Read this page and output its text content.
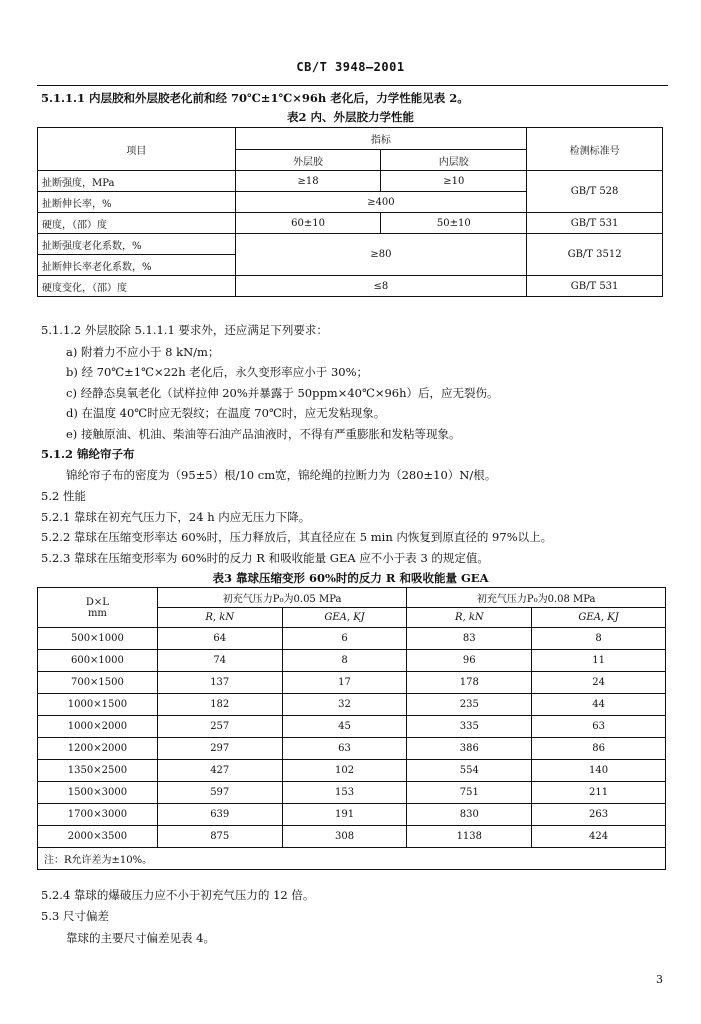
CB/T 3948—2001
5.1.1.1 内层胶和外层胶老化前和经 70℃±1℃×96h 老化后，力学性能见表 2。
表2 内、外层胶力学性能
项目	指标		检测标准号
	外层胶	内层胶	
扯断强度，MPa	≥18	≥10	GB/T 528
扯断伸长率，%	≥400		
硬度，（邵）度	60±10	50±10	GB/T 531
扯断强度老化系数，%	≥80		GB/T 3512
扯断伸长率老化系数，%			
硬度变化，（邵）度	≤8		GB/T 531
5.1.1.2 外层胶除 5.1.1.1 要求外，还应满足下列要求：
a) 附着力不应小于 8 kN/m；
b) 经 70℃±1℃×22h 老化后，永久变形率应小于 30%；
c) 经静态臭氧老化（试样拉伸 20%并暴露于 50ppm×40℃×96h）后，应无裂伤。
d) 在温度 40℃时应无裂纹；在温度 70℃时，应无发粘现象。
e) 接触原油、机油、柴油等石油产品油液时，不得有严重膨胀和发粘等现象。
5.1.2 锦纶帘子布
锦纶帘子布的密度为（95±5）根/10 cm宽，锦纶绳的拉断力为（280±10）N/根。
5.2 性能
5.2.1 靠球在初充气压力下，24 h 内应无压力下降。
5.2.2 靠球在压缩变形率达 60%时，压力释放后，其直径应在 5 min 内恢复到原直径的 97%以上。
5.2.3 靠球在压缩变形率为 60%时的反力 R 和吸收能量 GEA 应不小于表 3 的规定值。
表3 靠球压缩变形 60%时的反力 R 和吸收能量 GEA
D×L
mm	初充气压力P₀为0.05 MPa		初充气压力P₀为0.08 MPa	
	R, kN	GEA, KJ	R, kN	GEA, KJ
500×1000	64	6	83	8
600×1000	74	8	96	11
700×1500	137	17	178	24
1000×1500	182	32	235	44
1000×2000	257	45	335	63
1200×2000	297	63	386	86
1350×2500	427	102	554	140
1500×3000	597	153	751	211
1700×3000	639	191	830	263
2000×3500	875	308	1138	424
注：R允许差为±10%。				
5.2.4 靠球的爆破压力应不小于初充气压力的 12 倍。
5.3 尺寸偏差
靠球的主要尺寸偏差见表 4。
3
